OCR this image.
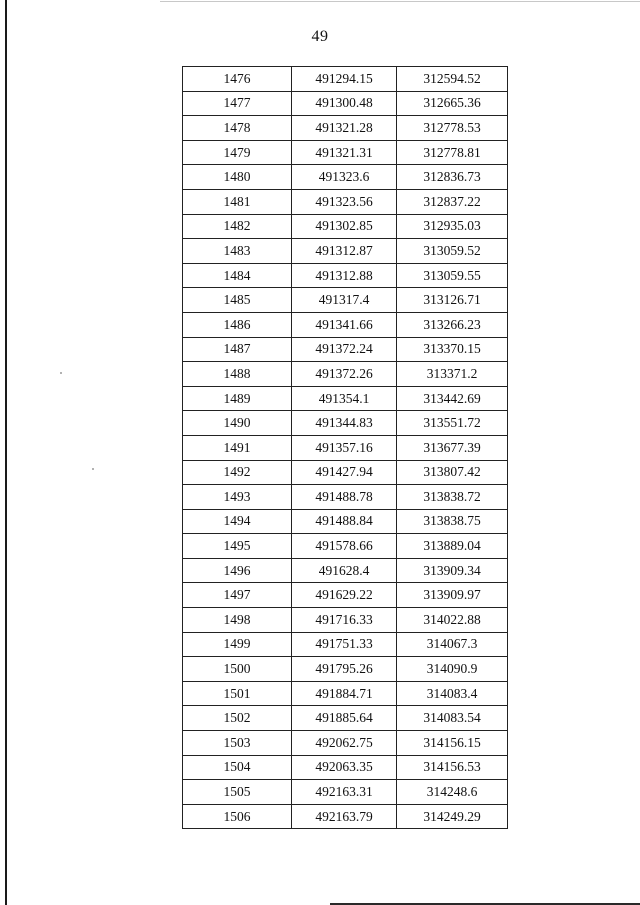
49
1476	491294.15	312594.52
1477	491300.48	312665.36
1478	491321.28	312778.53
1479	491321.31	312778.81
1480	491323.6	312836.73
1481	491323.56	312837.22
1482	491302.85	312935.03
1483	491312.87	313059.52
1484	491312.88	313059.55
1485	491317.4	313126.71
1486	491341.66	313266.23
1487	491372.24	313370.15
1488	491372.26	313371.2
1489	491354.1	313442.69
1490	491344.83	313551.72
1491	491357.16	313677.39
1492	491427.94	313807.42
1493	491488.78	313838.72
1494	491488.84	313838.75
1495	491578.66	313889.04
1496	491628.4	313909.34
1497	491629.22	313909.97
1498	491716.33	314022.88
1499	491751.33	314067.3
1500	491795.26	314090.9
1501	491884.71	314083.4
1502	491885.64	314083.54
1503	492062.75	314156.15
1504	492063.35	314156.53
1505	492163.31	314248.6
1506	492163.79	314249.29
